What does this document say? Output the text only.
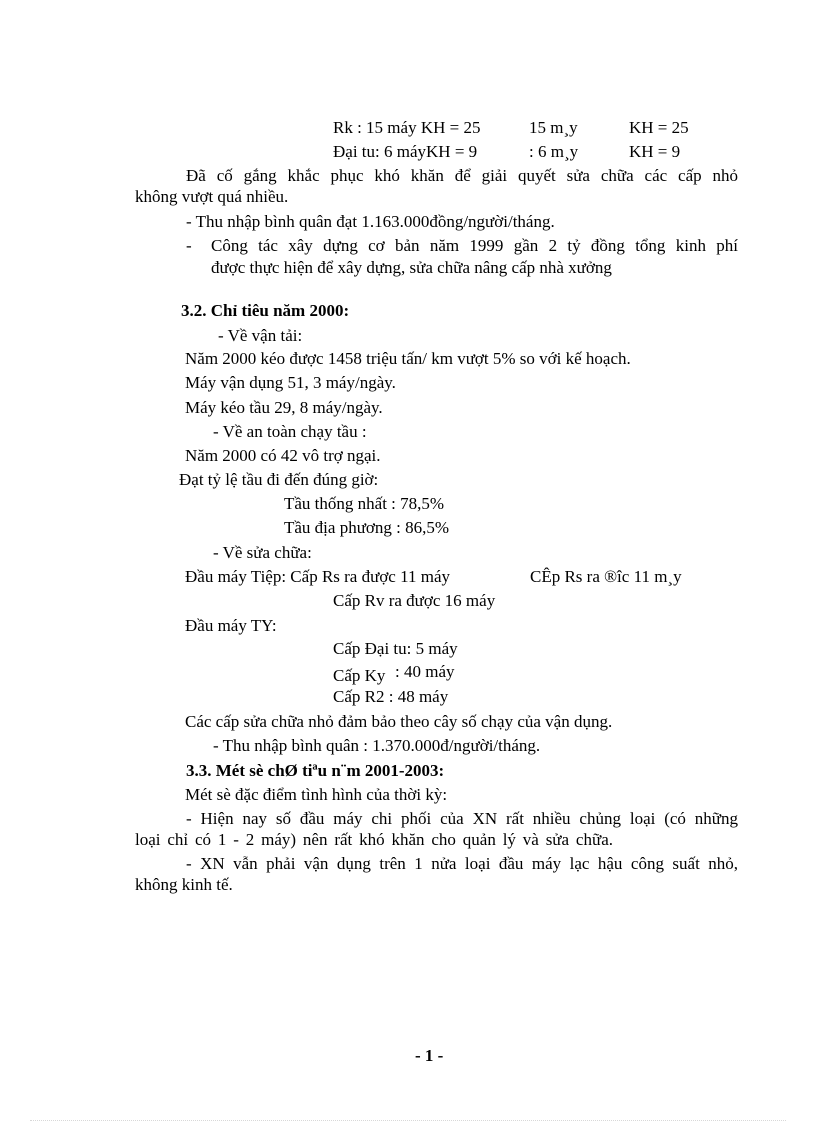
Rk : 15 máy KH = 25	15 m¸y	KH = 25
Đại tu: 6 máyKH = 9	: 6 m¸y	KH = 9
Đã cố gắng khắc phục khó khăn để giải quyết sửa chữa các cấp nhỏ
không vượt quá nhiều.
- Thu nhập bình quân đạt 1.163.000đồng/người/tháng.
- Công tác xây dựng cơ bản năm 1999 gần 2 tỷ đồng tổng kinh phí
được thực hiện để xây dựng, sửa chữa nâng cấp nhà xưởng
3.2. Chỉ tiêu năm 2000:
- Về vận tải:
Năm 2000 kéo được 1458 triệu tấn/ km vượt 5% so với kế hoạch.
Máy vận dụng 51, 3 máy/ngày.
Máy kéo tầu 29, 8 máy/ngày.
- Về an toàn chạy tầu :
Năm 2000 có 42 vô trợ ngại.
Đạt tỷ lệ tầu đi đến đúng giờ:
Tầu thống nhất : 78,5%
Tầu địa phương : 86,5%
- Về sửa chữa:
Đầu máy Tiệp: Cấp Rs ra được 11 máy	CÊp Rs ra ®îc 11 m¸y
Cấp Rv ra được 16 máy
Đầu máy TY:
Cấp Đại tu: 5 máy
Cấp Ky : 40 máy
Cấp R2 : 48 máy
Các cấp sửa chữa nhỏ đảm bảo theo cây số chạy của vận dụng.
- Thu nhập bình quân : 1.370.000đ/người/tháng.
3.3. Mét sè chØ tiªu n¨m 2001-2003:
Mét sè đặc điểm tình hình của thời kỳ:
- Hiện nay số đầu máy chi phối của XN rất nhiều chủng loại (có những
loại chỉ có 1 - 2 máy) nên rất khó khăn cho quản lý và sửa chữa.
- XN vẫn phải vận dụng trên 1 nửa loại đầu máy lạc hậu công suất nhỏ,
không kinh tế.
- 1 -
